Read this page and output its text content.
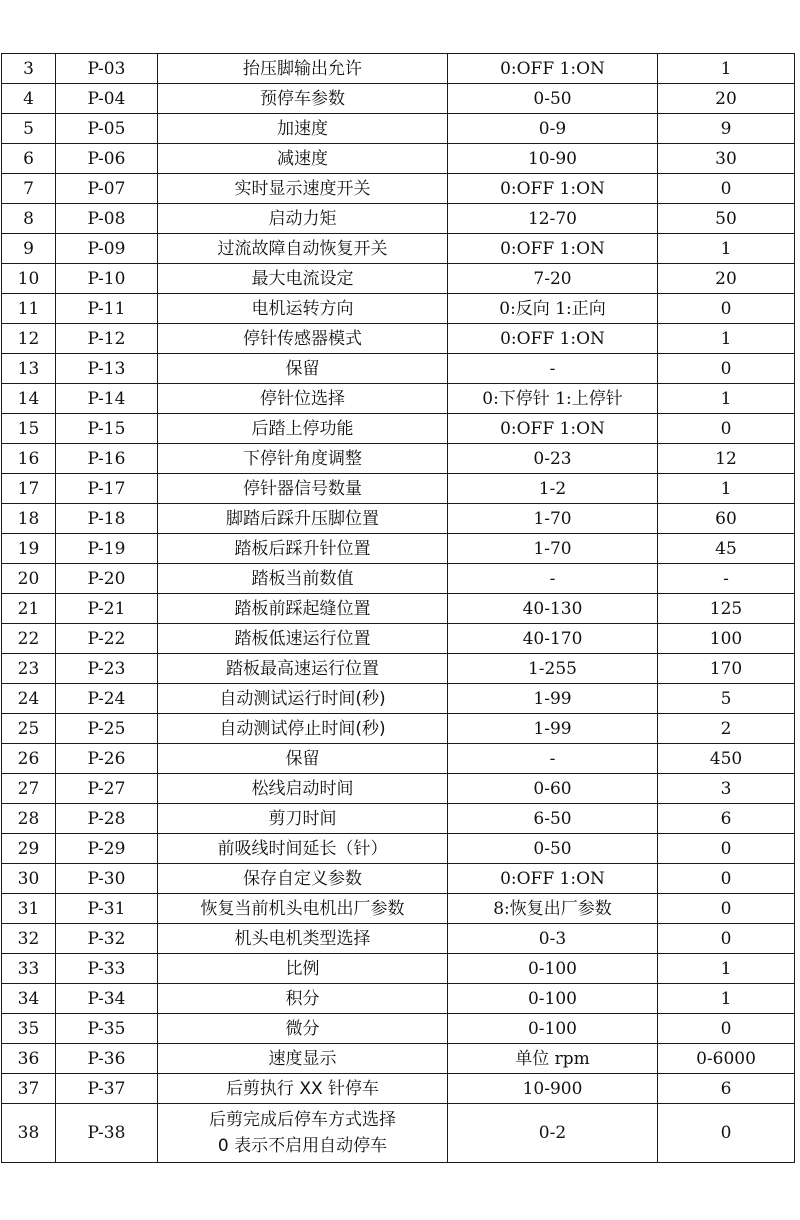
3	P-03	抬压脚输出允许	0:OFF 1:ON	1
4	P-04	预停车参数	0-50	20
5	P-05	加速度	0-9	9
6	P-06	减速度	10-90	30
7	P-07	实时显示速度开关	0:OFF 1:ON	0
8	P-08	启动力矩	12-70	50
9	P-09	过流故障自动恢复开关	0:OFF 1:ON	1
10	P-10	最大电流设定	7-20	20
11	P-11	电机运转方向	0:反向 1:正向	0
12	P-12	停针传感器模式	0:OFF 1:ON	1
13	P-13	保留	-	0
14	P-14	停针位选择	0:下停针 1:上停针	1
15	P-15	后踏上停功能	0:OFF 1:ON	0
16	P-16	下停针角度调整	0-23	12
17	P-17	停针器信号数量	1-2	1
18	P-18	脚踏后踩升压脚位置	1-70	60
19	P-19	踏板后踩升针位置	1-70	45
20	P-20	踏板当前数值	-	-
21	P-21	踏板前踩起缝位置	40-130	125
22	P-22	踏板低速运行位置	40-170	100
23	P-23	踏板最高速运行位置	1-255	170
24	P-24	自动测试运行时间(秒)	1-99	5
25	P-25	自动测试停止时间(秒)	1-99	2
26	P-26	保留	-	450
27	P-27	松线启动时间	0-60	3
28	P-28	剪刀时间	6-50	6
29	P-29	前吸线时间延长（针）	0-50	0
30	P-30	保存自定义参数	0:OFF 1:ON	0
31	P-31	恢复当前机头电机出厂参数	8:恢复出厂参数	0
32	P-32	机头电机类型选择	0-3	0
33	P-33	比例	0-100	1
34	P-34	积分	0-100	1
35	P-35	微分	0-100	0
36	P-36	速度显示	单位 rpm	0-6000
37	P-37	后剪执行 XX 针停车	10-900	6
38	P-38	后剪完成后停车方式选择
0 表示不启用自动停车	0-2	0
